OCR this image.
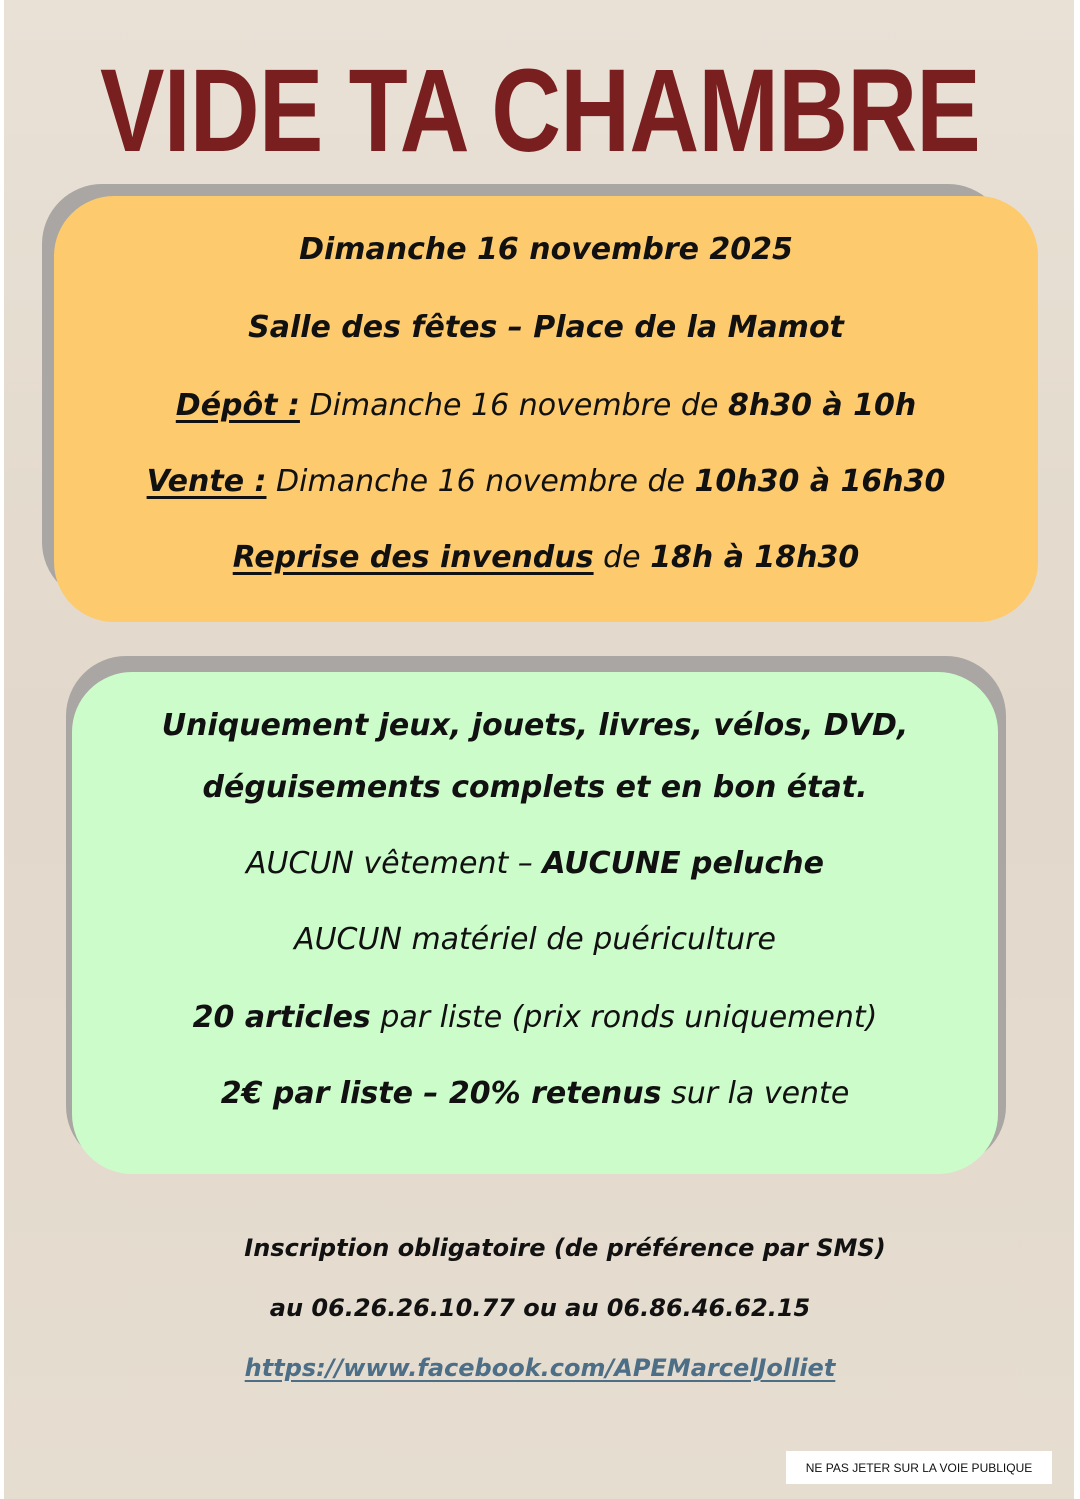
VIDE TA CHAMBRE
Dimanche 16 novembre 2025
Salle des fêtes – Place de la Mamot
Dépôt : Dimanche 16 novembre de 8h30 à 10h
Vente : Dimanche 16 novembre de 10h30 à 16h30
Reprise des invendus de 18h à 18h30
Uniquement jeux, jouets, livres, vélos, DVD,
déguisements complets et en bon état.
AUCUN vêtement – AUCUNE peluche
AUCUN matériel de puériculture
20 articles par liste (prix ronds uniquement)
2€ par liste – 20% retenus sur la vente
Inscription obligatoire (de préférence par SMS)
au 06.26.26.10.77 ou au 06.86.46.62.15
https://www.facebook.com/APEMarcelJolliet
NE PAS JETER SUR LA VOIE PUBLIQUE
